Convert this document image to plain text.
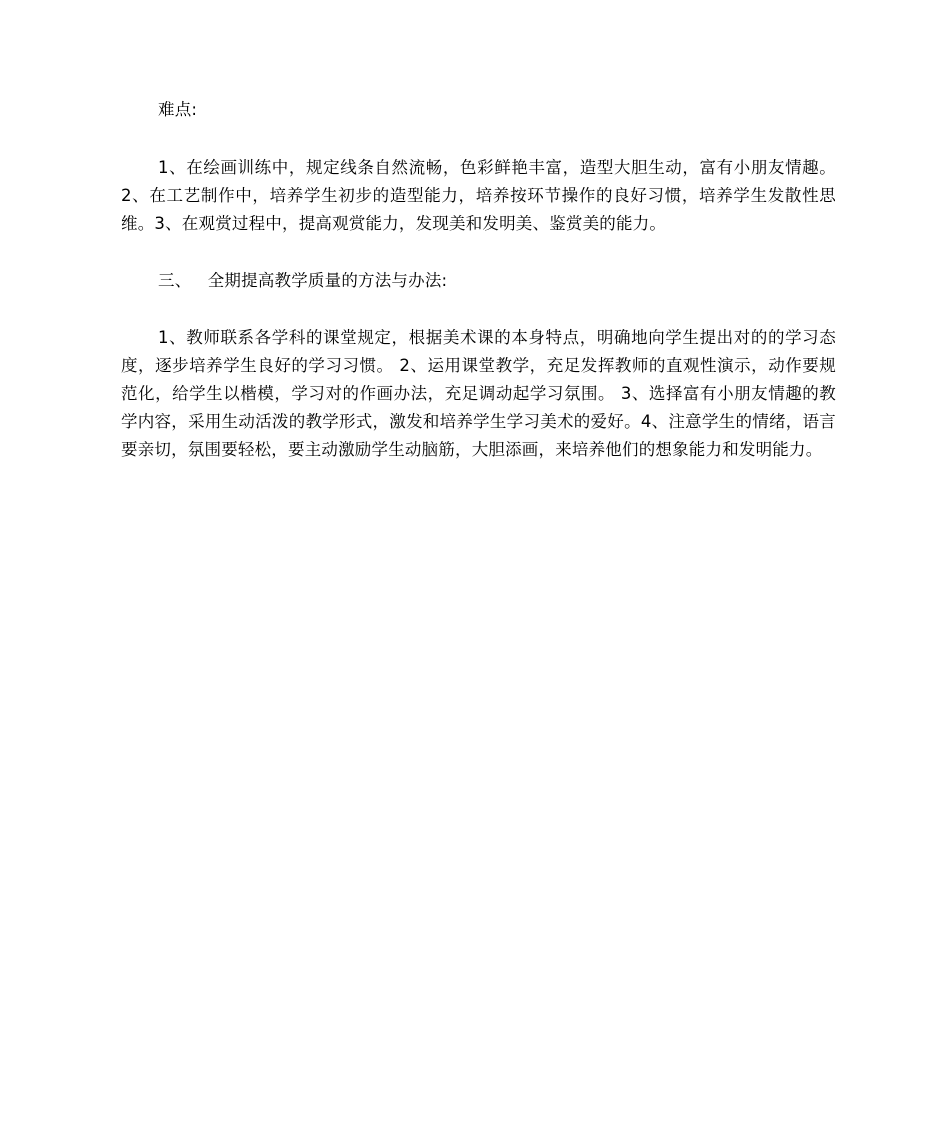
难点:

1、在绘画训练中，规定线条自然流畅，色彩鲜艳丰富，造型大胆生动，富有小朋友情趣。2、在工艺制作中，培养学生初步的造型能力，培养按环节操作的良好习惯，培养学生发散性思维。3、在观赏过程中，提高观赏能力，发现美和发明美、鉴赏美的能力。

三、   全期提高教学质量的方法与办法:

1、教师联系各学科的课堂规定，根据美术课的本身特点，明确地向学生提出对的的学习态度，逐步培养学生良好的学习习惯。 2、运用课堂教学，充足发挥教师的直观性演示，动作要规范化，给学生以楷模，学习对的作画办法，充足调动起学习氛围。 3、选择富有小朋友情趣的教学内容，采用生动活泼的教学形式，激发和培养学生学习美术的爱好。4、注意学生的情绪，语言要亲切，氛围要轻松，要主动激励学生动脑筋，大胆添画，来培养他们的想象能力和发明能力。
